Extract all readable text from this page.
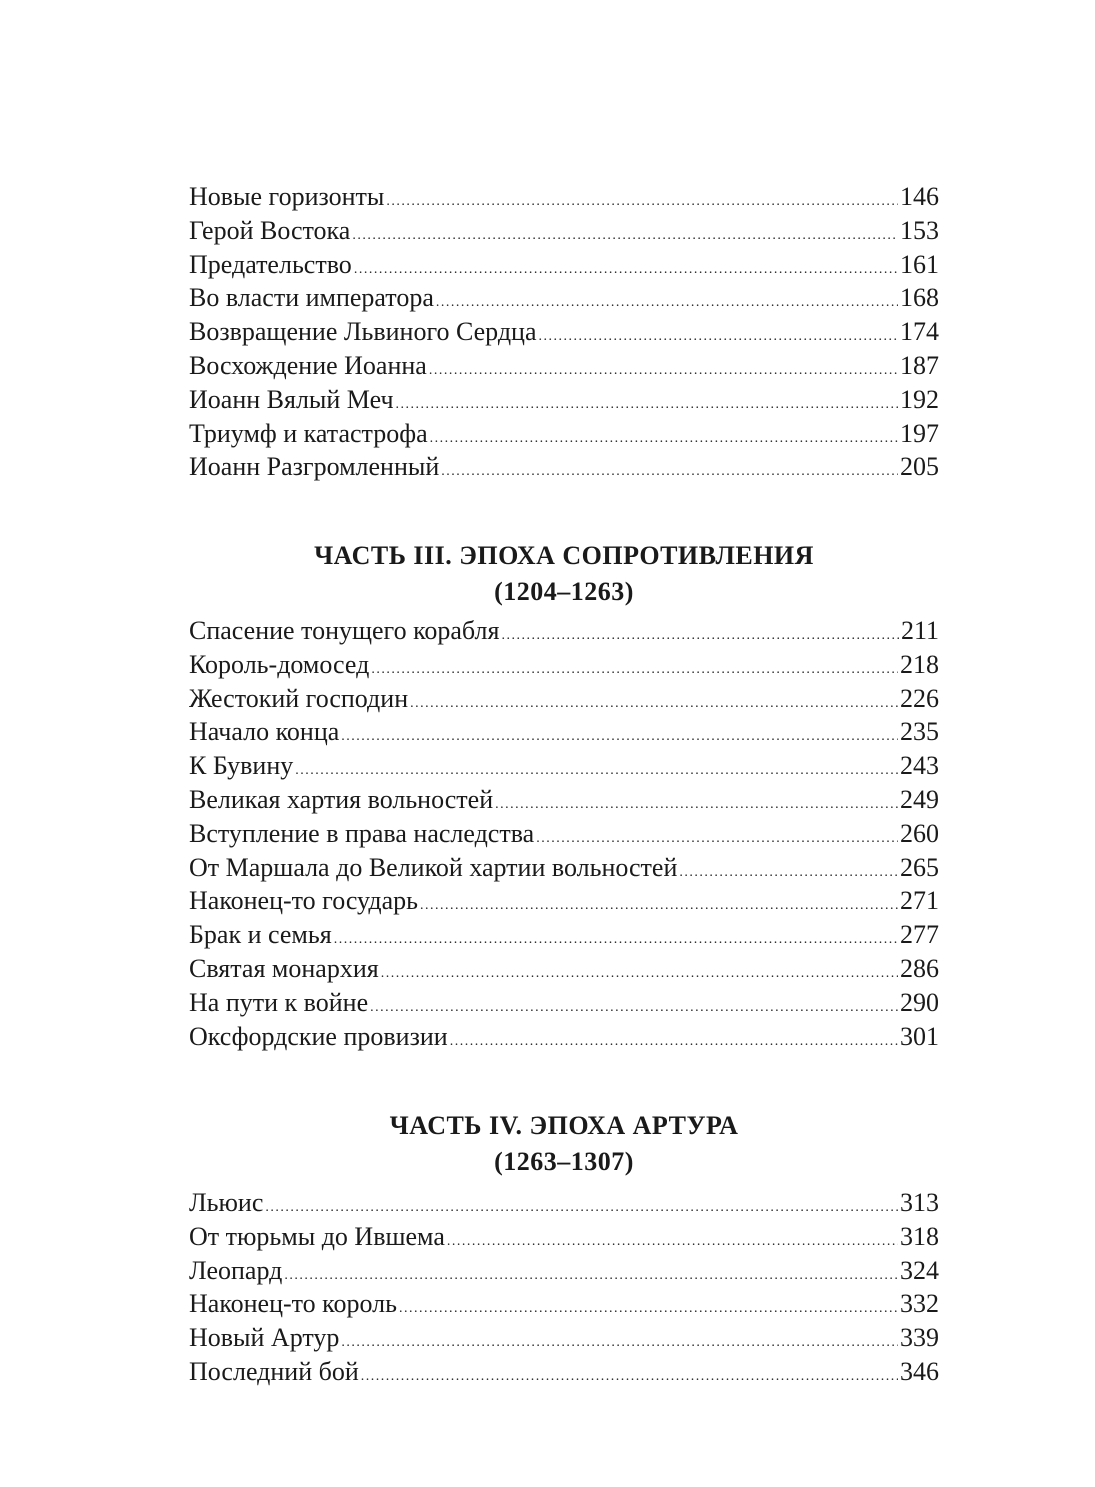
Новые горизонты . . .	146
Герой Востока . . .	153
Предательство . . .	161
Во власти императора . . .	168
Возвращение Львиного Сердца . . .	174
Восхождение Иоанна . . .	187
Иоанн Вялый Меч . . .	192
Триумф и катастрофа . . .	197
Иоанн Разгромленный . . .	205
ЧАСТЬ III. ЭПОХА СОПРОТИВЛЕНИЯ
(1204–1263)
Спасение тонущего корабля . . .	211
Король-домосед . . .	218
Жестокий господин . . .	226
Начало конца . . .	235
К Бувину . . .	243
Великая хартия вольностей . . .	249
Вступление в права наследства . . .	260
От Маршала до Великой хартии вольностей . . .	265
Наконец-то государь . . .	271
Брак и семья . . .	277
Святая монархия . . .	286
На пути к войне . . .	290
Оксфордские провизии . . .	301
ЧАСТЬ IV. ЭПОХА АРТУРА
(1263–1307)
Льюис . . .	313
От тюрьмы до Ившема . . .	318
Леопард . . .	324
Наконец-то король . . .	332
Новый Артур . . .	339
Последний бой . . .	346
